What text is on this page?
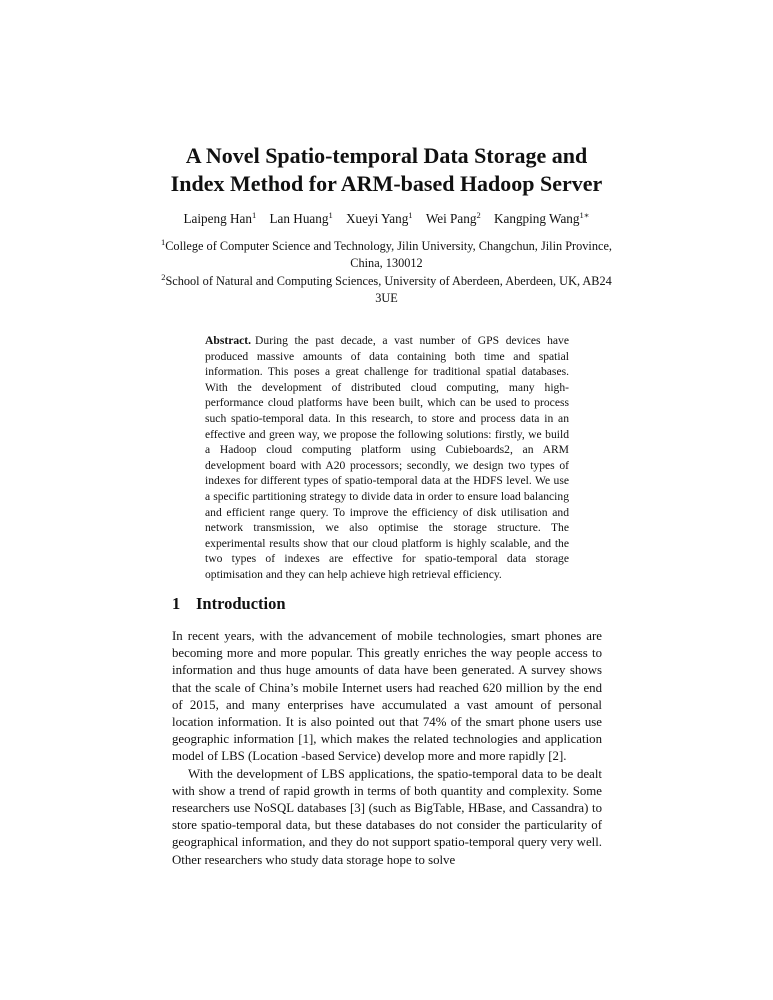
A Novel Spatio-temporal Data Storage and
Index Method for ARM-based Hadoop Server
Laipeng Han$^1$ Lan Huang$^1$ Xueyi Yang$^1$ Wei Pang$^2$ Kangping Wang$^{1∗}$
$^1$College of Computer Science and Technology, Jilin University, Changchun, Jilin Province, China, 130012
$^2$School of Natural and Computing Sciences, University of Aberdeen, Aberdeen, UK, AB24 3UE
Abstract. During the past decade, a vast number of GPS devices have produced massive amounts of data containing both time and spatial information. This poses a great challenge for traditional spatial databases. With the development of distributed cloud computing, many high-performance cloud platforms have been built, which can be used to process such spatio-temporal data. In this research, to store and process data in an effective and green way, we propose the following solutions: firstly, we build a Hadoop cloud computing platform using Cubieboards2, an ARM development board with A20 processors; secondly, we design two types of indexes for different types of spatio-temporal data at the HDFS level. We use a specific partitioning strategy to divide data in order to ensure load balancing and efficient range query. To improve the efficiency of disk utilisation and network transmission, we also optimise the storage structure. The experimental results show that our cloud platform is highly scalable, and the two types of indexes are effective for spatio-temporal data storage optimisation and they can help achieve high retrieval efficiency.
1 Introduction

In recent years, with the advancement of mobile technologies, smart phones are becoming more and more popular. This greatly enriches the way people access to information and thus huge amounts of data have been generated. A survey shows that the scale of China’s mobile Internet users had reached 620 million by the end of 2015, and many enterprises have accumulated a vast amount of personal location information. It is also pointed out that 74% of the smart phone users use geographic information [1], which makes the related technologies and application model of LBS (Location -based Service) develop more and more rapidly [2].

With the development of LBS applications, the spatio-temporal data to be dealt with show a trend of rapid growth in terms of both quantity and complexity. Some researchers use NoSQL databases [3] (such as BigTable, HBase, and Cassandra) to store spatio-temporal data, but these databases do not consider the particularity of geographical information, and they do not support spatio-temporal query very well. Other researchers who study data storage hope to solve
